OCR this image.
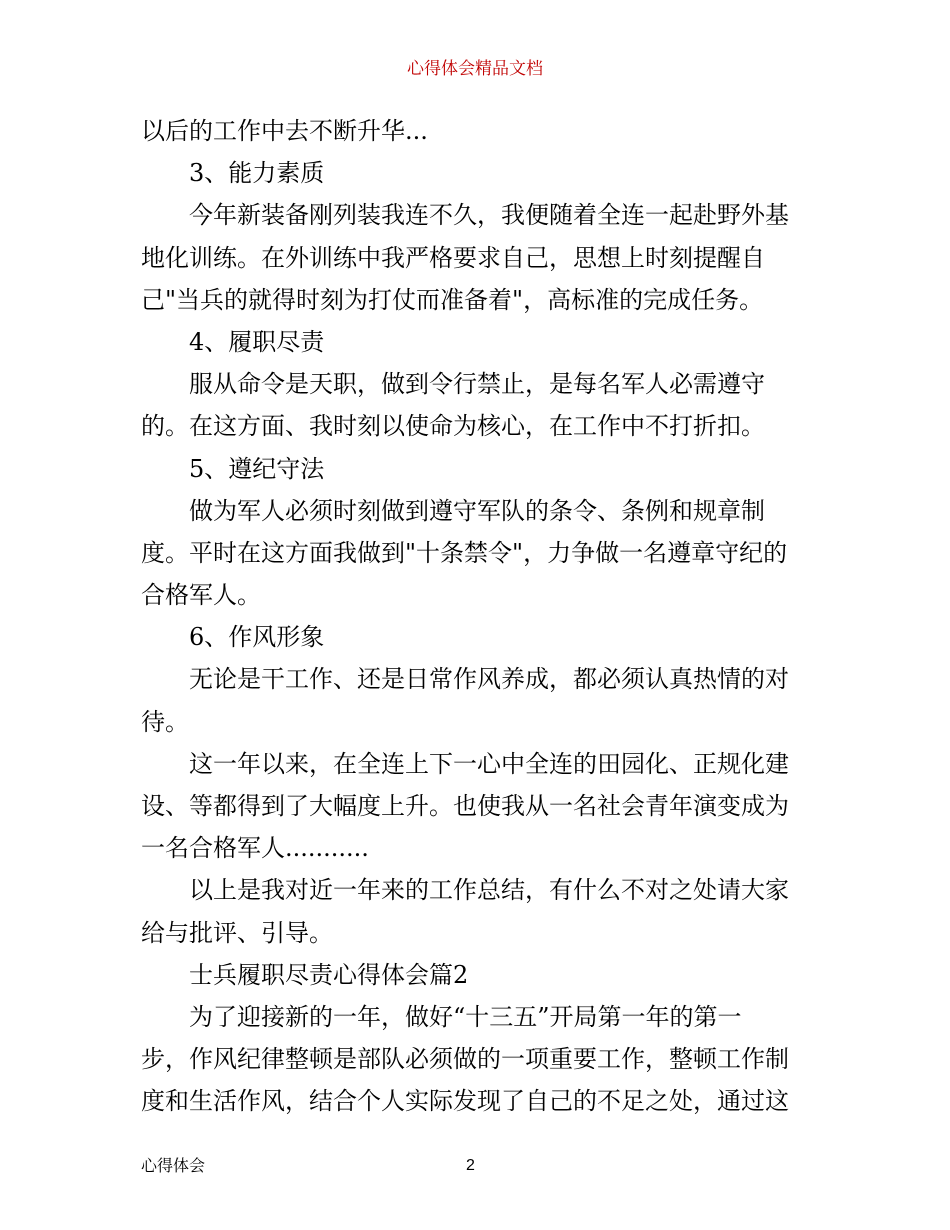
心得体会精品文档
以后的工作中去不断升华...
3、能力素质
今年新装备刚列装我连不久，我便随着全连一起赴野外基
地化训练。在外训练中我严格要求自己，思想上时刻提醒自
己"当兵的就得时刻为打仗而准备着"，高标准的完成任务。
4、履职尽责
服从命令是天职，做到令行禁止，是每名军人必需遵守
的。在这方面、我时刻以使命为核心，在工作中不打折扣。
5、遵纪守法
做为军人必须时刻做到遵守军队的条令、条例和规章制
度。平时在这方面我做到"十条禁令"，力争做一名遵章守纪的
合格军人。
6、作风形象
无论是干工作、还是日常作风养成，都必须认真热情的对
待。
这一年以来，在全连上下一心中全连的田园化、正规化建
设、等都得到了大幅度上升。也使我从一名社会青年演变成为
一名合格军人...........
以上是我对近一年来的工作总结，有什么不对之处请大家
给与批评、引导。
士兵履职尽责心得体会篇2
为了迎接新的一年，做好“十三五”开局第一年的第一
步，作风纪律整顿是部队必须做的一项重要工作，整顿工作制
度和生活作风，结合个人实际发现了自己的不足之处，通过这
心得体会	2
